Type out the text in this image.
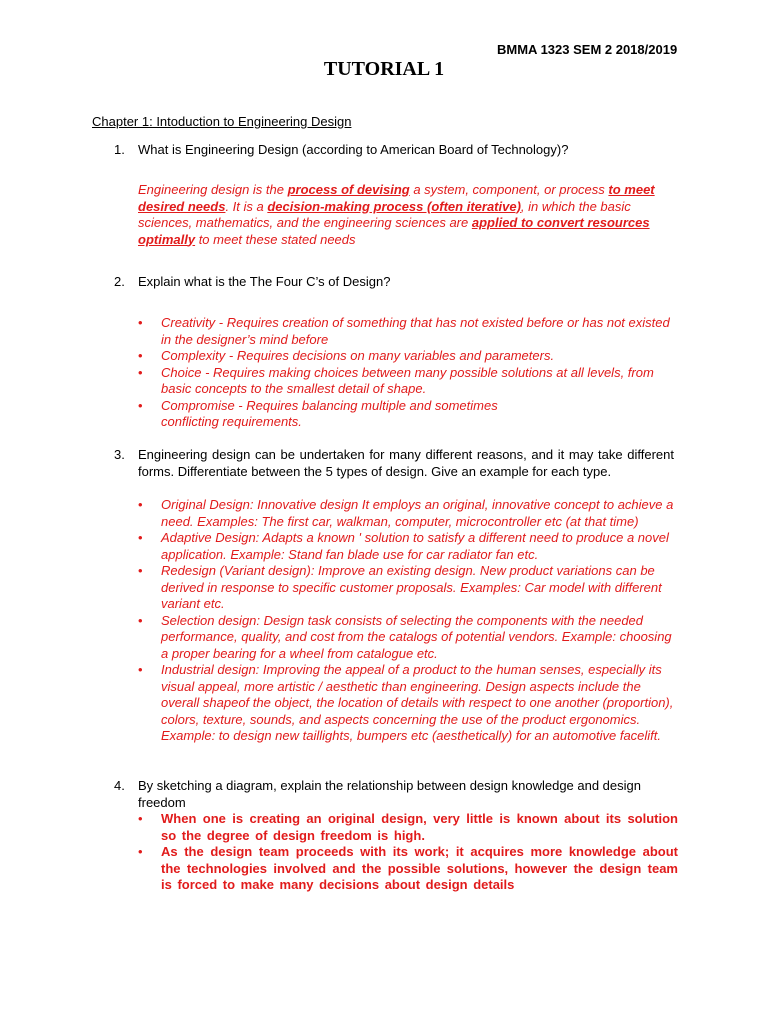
BMMA 1323 SEM 2 2018/2019
TUTORIAL 1
Chapter 1: Intoduction to Engineering Design
1.	What is Engineering Design (according to American Board of Technology)?
Engineering design is the process of devising a system, component, or process to meet desired needs. It is a decision-making process (often iterative), in which the basic sciences, mathematics, and the engineering sciences are applied to convert resources optimally to meet these stated needs
2.	Explain what is the The Four C’s of Design?
• Creativity - Requires creation of something that has not existed before or has not existed in the designer’s mind before
• Complexity - Requires decisions on many variables and parameters.
• Choice - Requires making choices between many possible solutions at all levels, from basic concepts to the smallest detail of shape.
• Compromise - Requires balancing multiple and sometimes conflicting requirements.
3.	Engineering design can be undertaken for many different reasons, and it may take different forms. Differentiate between the 5 types of design. Give an example for each type.
• Original Design: Innovative design It employs an original, innovative concept to achieve a need. Examples: The first car, walkman, computer, microcontroller etc (at that time)
• Adaptive Design: Adapts a known ' solution to satisfy a different need to produce a novel application. Example: Stand fan blade use for car radiator fan etc.
• Redesign (Variant design): Improve an existing design. New product variations can be derived in response to specific customer proposals. Examples: Car model with different variant etc.
• Selection design: Design task consists of selecting the components with the needed performance, quality, and cost from the catalogs of potential vendors. Example: choosing a proper bearing for a wheel from catalogue etc.
• Industrial design: Improving the appeal of a product to the human senses, especially its visual appeal, more artistic / aesthetic than engineering. Design aspects include the overall shapeof the object, the location of details with respect to one another (proportion), colors, texture, sounds, and aspects concerning the use of the product ergonomics. Example: to design new taillights, bumpers etc (aesthetically) for an automotive facelift.
4.	By sketching a diagram, explain the relationship between design knowledge and design freedom
• When one is creating an original design, very little is known about its solution so the degree of design freedom is high.
• As the design team proceeds with its work; it acquires more knowledge about the technologies involved and the possible solutions, however the design team is forced to make many decisions about design details
